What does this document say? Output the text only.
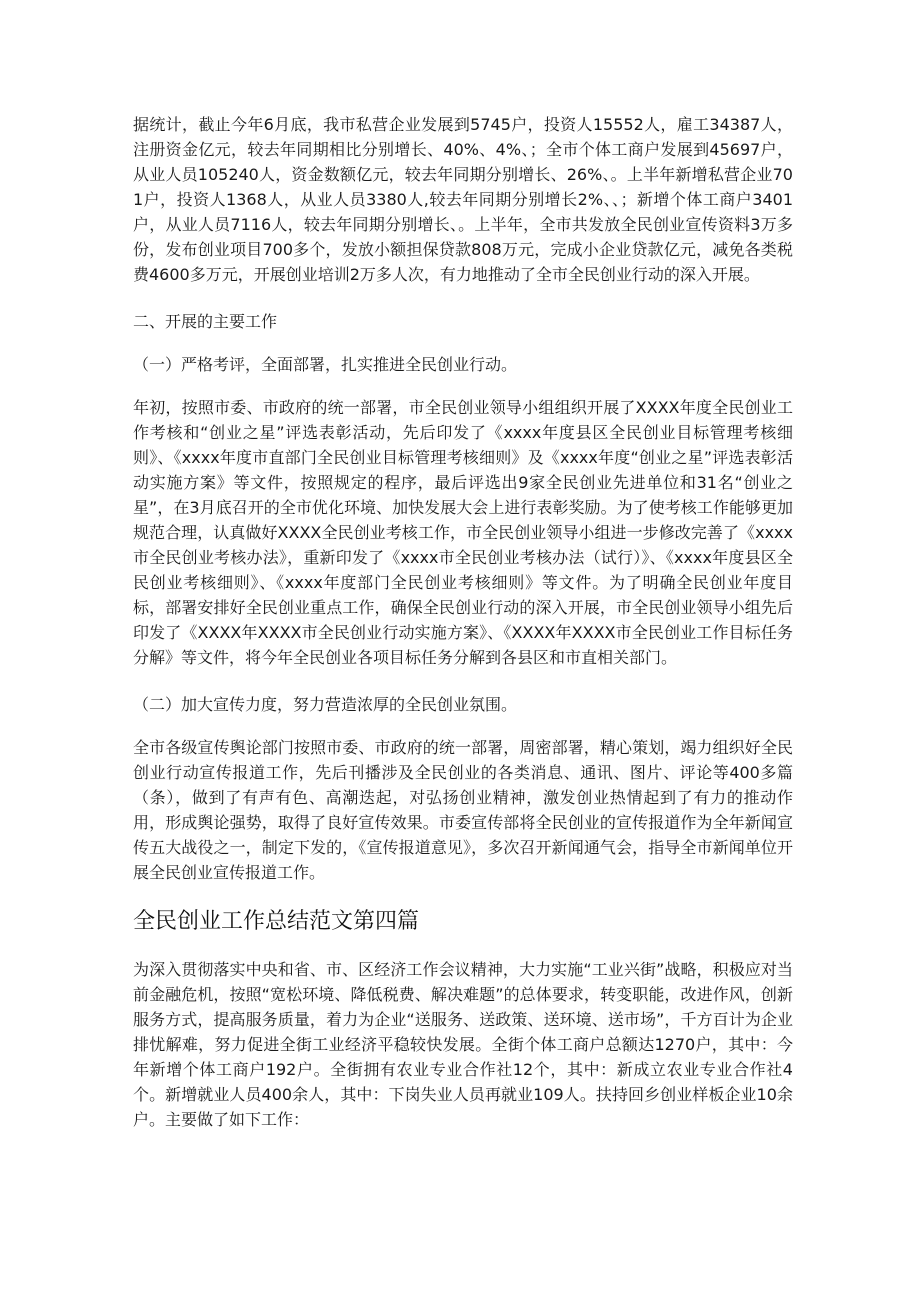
据统计，截止今年6月底，我市私营企业发展到5745户，投资人15552人，雇工34387人，注册资金亿元，较去年同期相比分别增长、40%、4%、；全市个体工商户发展到45697户，从业人员105240人，资金数额亿元，较去年同期分别增长、26%、。上半年新增私营企业701户，投资人1368人，从业人员3380人,较去年同期分别增长2%、、；新增个体工商户3401户，从业人员7116人，较去年同期分别增长、。上半年，全市共发放全民创业宣传资料3万多份，发布创业项目700多个，发放小额担保贷款808万元，完成小企业贷款亿元，减免各类税费4600多万元，开展创业培训2万多人次，有力地推动了全市全民创业行动的深入开展。

二、开展的主要工作

（一）严格考评，全面部署，扎实推进全民创业行动。

年初，按照市委、市政府的统一部署，市全民创业领导小组组织开展了XXXX年度全民创业工作考核和“创业之星”评选表彰活动，先后印发了《xxxx年度县区全民创业目标管理考核细则》、《xxxx年度市直部门全民创业目标管理考核细则》及《xxxx年度“创业之星”评选表彰活动实施方案》等文件，按照规定的程序，最后评选出9家全民创业先进单位和31名“创业之星”，在3月底召开的全市优化环境、加快发展大会上进行表彰奖励。为了使考核工作能够更加规范合理，认真做好XXXX全民创业考核工作，市全民创业领导小组进一步修改完善了《xxxx市全民创业考核办法》，重新印发了《xxxx市全民创业考核办法（试行）》、《xxxx年度县区全民创业考核细则》、《xxxx年度部门全民创业考核细则》等文件。为了明确全民创业年度目标，部署安排好全民创业重点工作，确保全民创业行动的深入开展，市全民创业领导小组先后印发了《XXXX年XXXX市全民创业行动实施方案》、《XXXX年XXXX市全民创业工作目标任务分解》等文件，将今年全民创业各项目标任务分解到各县区和市直相关部门。

（二）加大宣传力度，努力营造浓厚的全民创业氛围。

全市各级宣传舆论部门按照市委、市政府的统一部署，周密部署，精心策划，竭力组织好全民创业行动宣传报道工作，先后刊播涉及全民创业的各类消息、通讯、图片、评论等400多篇（条），做到了有声有色、高潮迭起，对弘扬创业精神，激发创业热情起到了有力的推动作用，形成舆论强势，取得了良好宣传效果。市委宣传部将全民创业的宣传报道作为全年新闻宣传五大战役之一，制定下发的，《宣传报道意见》，多次召开新闻通气会，指导全市新闻单位开展全民创业宣传报道工作。

全民创业工作总结范文第四篇

为深入贯彻落实中央和省、市、区经济工作会议精神，大力实施“工业兴街”战略，积极应对当前金融危机，按照“宽松环境、降低税费、解决难题”的总体要求，转变职能，改进作风，创新服务方式，提高服务质量，着力为企业“送服务、送政策、送环境、送市场”，千方百计为企业排忧解难，努力促进全街工业经济平稳较快发展。全街个体工商户总额达1270户，其中：今年新增个体工商户192户。全街拥有农业专业合作社12个，其中：新成立农业专业合作社4个。新增就业人员400余人，其中：下岗失业人员再就业109人。扶持回乡创业样板企业10余户。主要做了如下工作：
